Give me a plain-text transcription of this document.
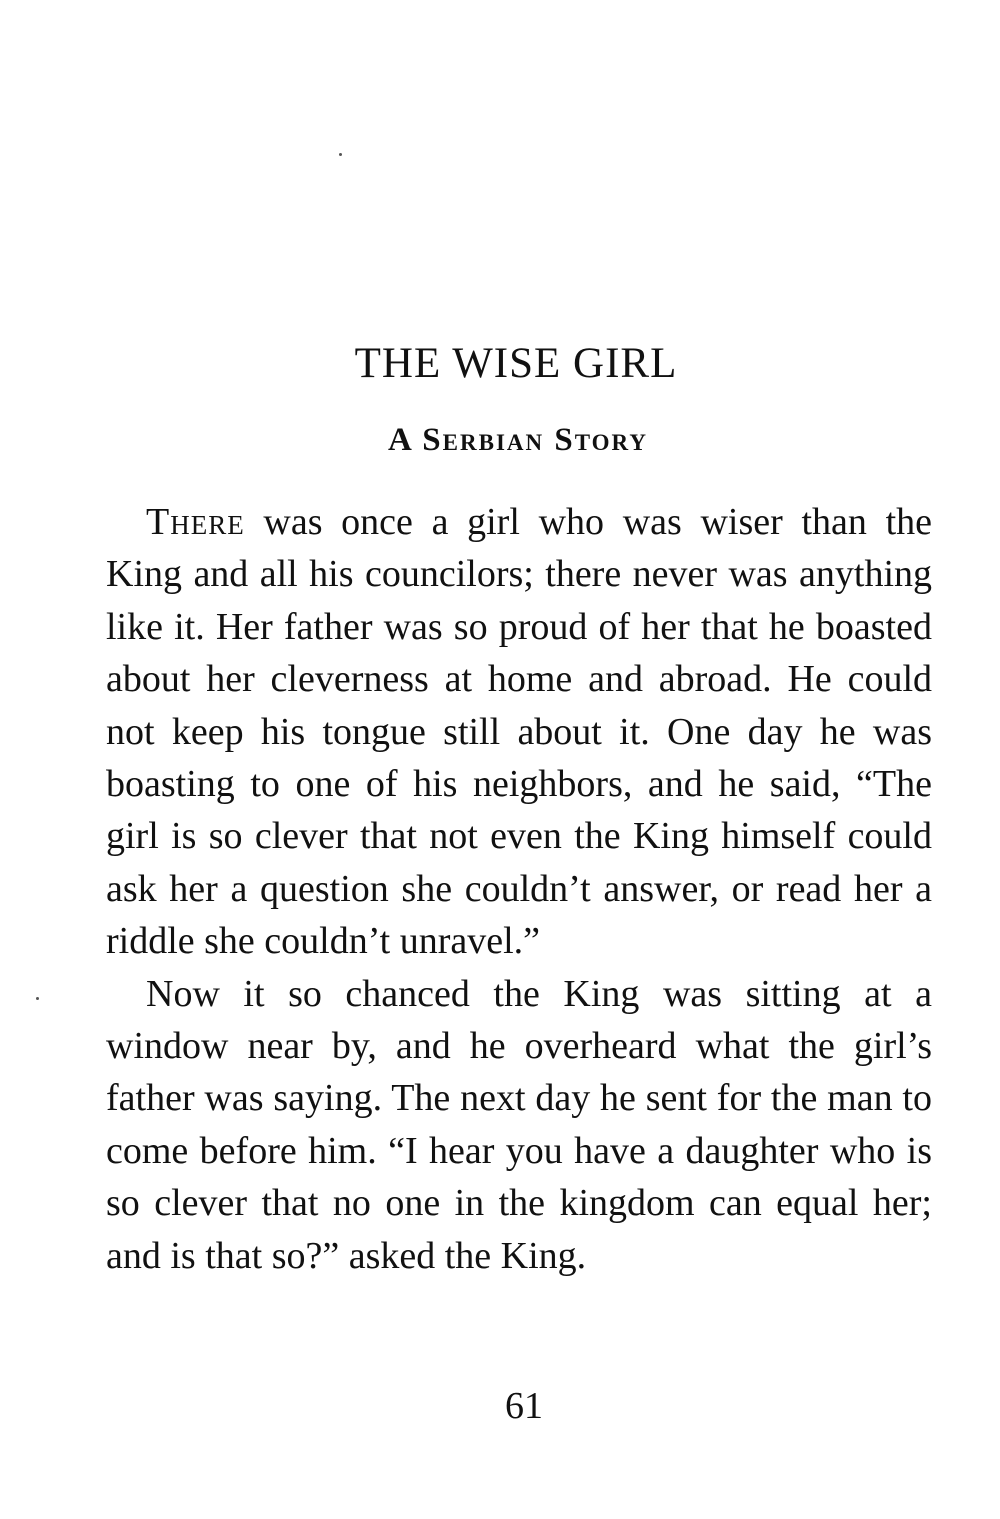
THE WISE GIRL
A Serbian Story

There was once a girl who was wiser than the King and all his councilors; there never was anything like it. Her father was so proud of her that he boasted about her cleverness at home and abroad. He could not keep his tongue still about it. One day he was boasting to one of his neighbors, and he said, “The girl is so clever that not even the King himself could ask her a question she couldn’t answer, or read her a riddle she couldn’t unravel.”

Now it so chanced the King was sitting at a window near by, and he overheard what the girl’s father was saying. The next day he sent for the man to come before him. “I hear you have a daughter who is so clever that no one in the kingdom can equal her; and is that so?” asked the King.

61
